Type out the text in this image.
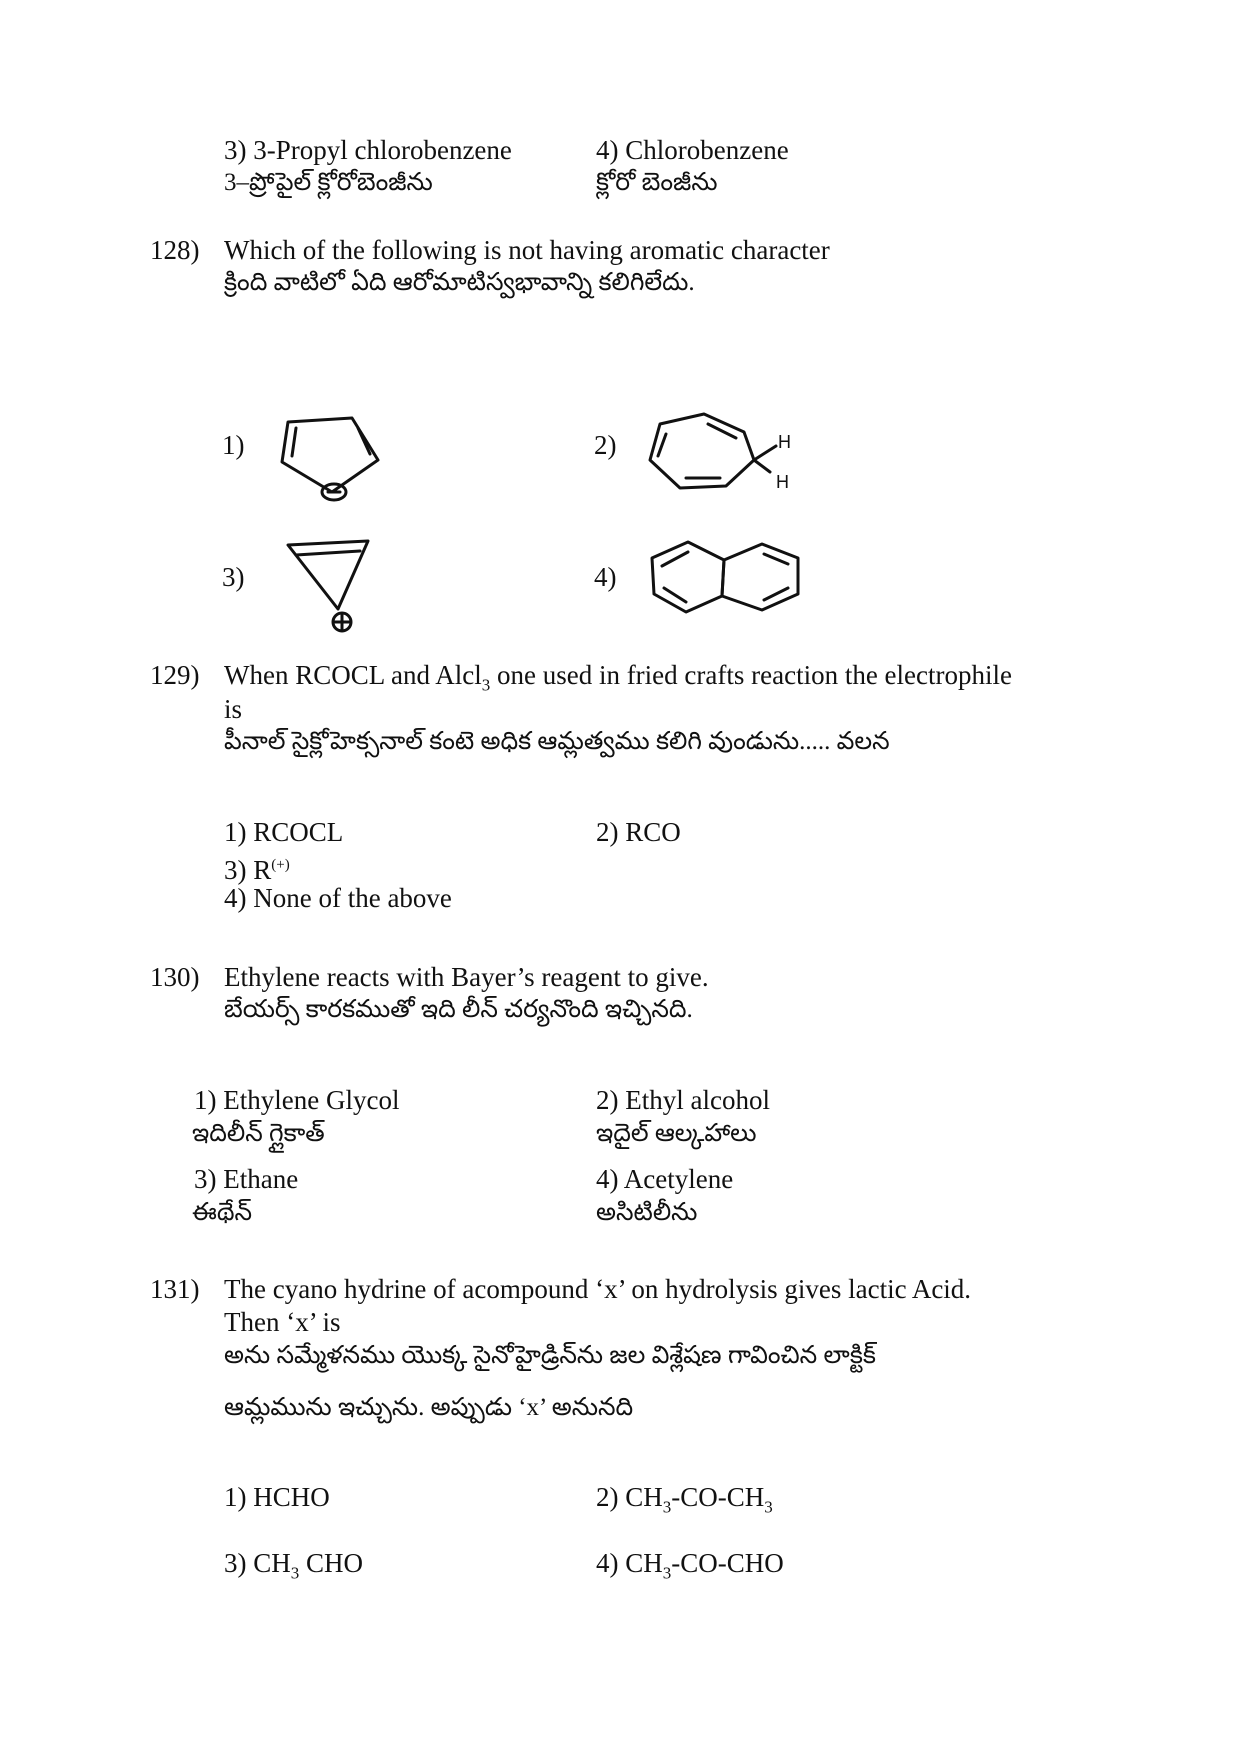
3) 3-Propyl chlorobenzene
3–ప్రోపైల్ క్లోరోబెంజీను
4) Chlorobenzene
క్లోరో బెంజీను
128) Which of the following is not having aromatic character
క్రింది వాటిలో ఏది ఆరోమాటిస్వభావాన్ని కలిగిలేదు.
1)	2)	H
H
3)	4)
129) When RCOCL and Alcl$_3$ one used in fried crafts reaction the electrophile
is
పీనాల్ సైక్లోహెక్సనాల్ కంటె అధిక ఆమ్లత్వము కలిగి వుండును..... వలన
1) RCOCL	2) RCO
3) R(+)
4) None of the above
130) Ethylene reacts with Bayer’s reagent to give.
బేయర్స్ కారకముతో ఇది లీన్ చర్యనొంది ఇచ్చినది.
1) Ethylene Glycol
ఇదిలీన్ గ్లైకాత్
2) Ethyl alcohol
ఇదైల్ ఆల్కహాలు
3) Ethane
ఈథేన్
4) Acetylene
అసిటిలీను
131) The cyano hydrine of acompound ‘x’ on hydrolysis gives lactic Acid.
Then ‘x’ is
అను సమ్మేళనము యొక్క సైనోహైడ్రిన్‌ను జల విశ్లేషణ గావించిన లాక్టిక్
ఆమ్లమును ఇచ్చును. అప్పుడు ‘x’ అనునది
1) HCHO	2) $CH_3-CO-CH_3$
3) $CH_3$ CHO	4) $CH_3-CO$-CHO
